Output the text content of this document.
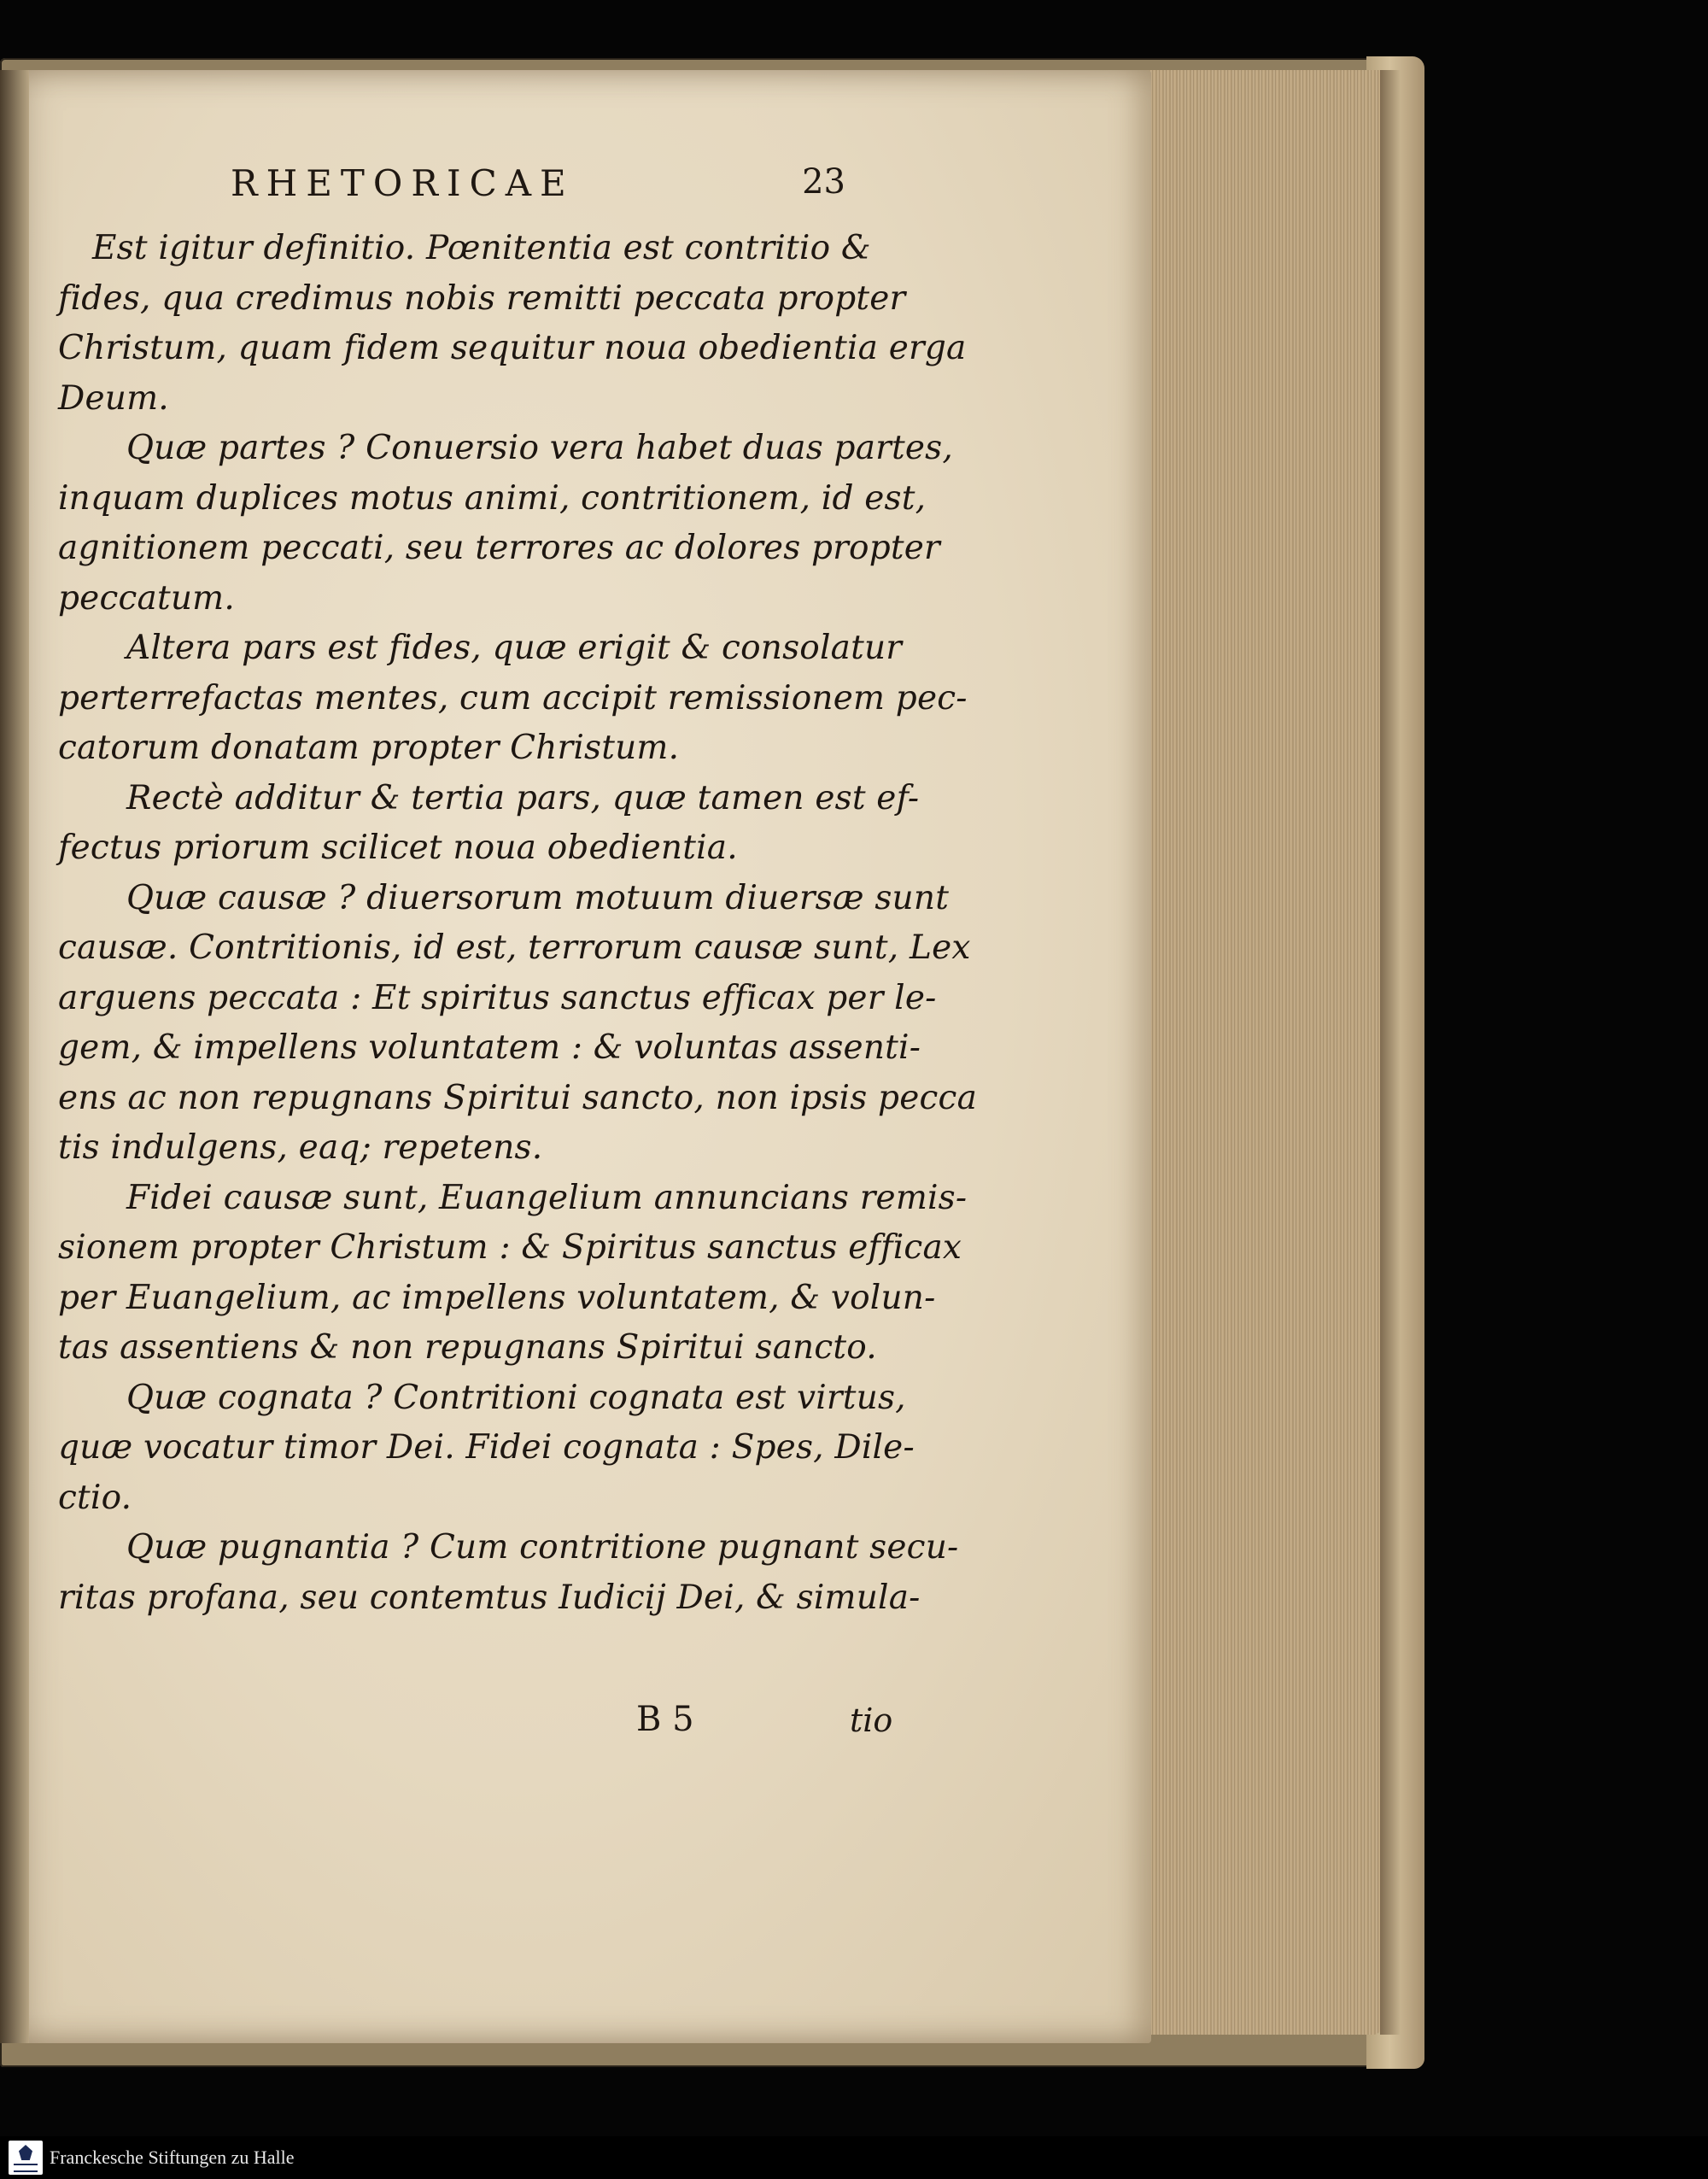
RHETORICAE	23
Est igitur definitio. Pœnitentia est contritio &
fides, qua credimus nobis remitti peccata propter
Christum, quam fidem sequitur noua obedientia erga
Deum.
Quæ partes ? Conuersio vera habet duas partes,
inquam duplices motus animi, contritionem, id est,
agnitionem peccati, seu terrores ac dolores propter
peccatum.
Altera pars est fides, quæ erigit & consolatur
perterrefactas mentes, cum accipit remissionem pec-
catorum donatam propter Christum.
Rectè additur & tertia pars, quæ tamen est ef-
fectus priorum scilicet noua obedientia.
Quæ causæ ? diuersorum motuum diuersæ sunt
causæ. Contritionis, id est, terrorum causæ sunt, Lex
arguens peccata : Et spiritus sanctus efficax per le-
gem, & impellens voluntatem : & voluntas assenti-
ens ac non repugnans Spiritui sancto, non ipsis pecca
tis indulgens, eaq; repetens.
Fidei causæ sunt, Euangelium annuncians remis-
sionem propter Christum : & Spiritus sanctus efficax
per Euangelium, ac impellens voluntatem, & volun-
tas assentiens & non repugnans Spiritui sancto.
Quæ cognata ? Contritioni cognata est virtus,
quæ vocatur timor Dei. Fidei cognata : Spes, Dile-
ctio.
Quæ pugnantia ? Cum contritione pugnant secu-
ritas profana, seu contemtus Iudicij Dei, & simula-
B 5	tio
Franckesche Stiftungen zu Halle
